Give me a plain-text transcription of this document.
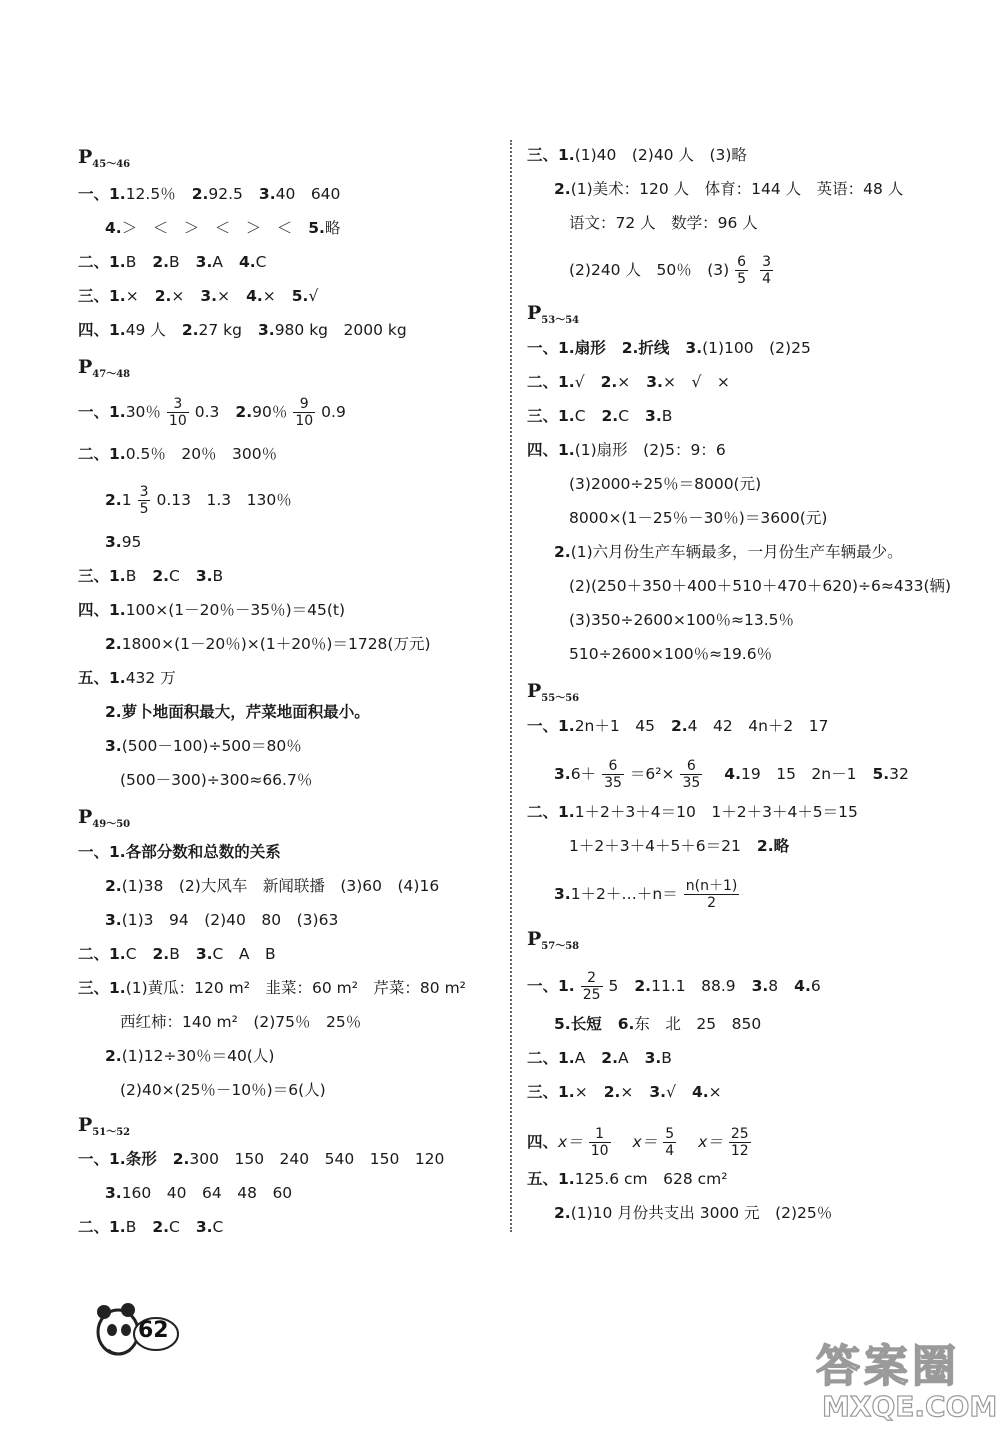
$P_{45\sim 46}$
一、1.12.5％ 2.92.5 3.40　640
4.＞　＜　＞　＜　＞　＜ 5.略
二、1.B 2.B 3.A 4.C
三、1.× 2.× 3.× 4.× 5.√
四、1.49 人 2.27 kg 3.980 kg　2000 kg
$P_{47\sim 48}$
一、1.30％ $\frac{3}{10} 0.3$ 2.90％ $\frac{9}{10} 0.9$
二、1.0.5％　20％　300％
$2.1 \frac{3}{5} 0.13$　1.3　130％
3.95
三、1.B 2.C 3.B
四、1.100×(1－20％－35％)＝45(t)
2.1800×(1－20％)×(1＋20％)＝1728(万元)
五、1.432 万
2.萝卜地面积最大，芹菜地面积最小。
3.(500－100)÷500＝80％
(500－300)÷300≈66.7％
$P_{49\sim 50}$
一、1.各部分数和总数的关系
2.(1)38　(2)大风车　新闻联播　(3)60　(4)16
3.(1)3　94　(2)40　80　(3)63
二、1.C 2.B 3.C　A　B
三、1.(1)黄瓜：120 m²　韭菜：60 m²　芹菜：80 m²
西红柿：140 m²　(2)75％　25％
2.(1)12÷30％＝40(人)
(2)40×(25％－10％)＝6(人)
$P_{51\sim 52}$
一、1.条形 2.300　150　240　540　150　120
3.160　40　64　48　60
二、1.B 2.C 3.C
三、1.(1)40　(2)40 人　(3)略
2.(1)美术：120 人　体育：144 人　英语：48 人
语文：72 人　数学：96 人
(2)240 人　50％　$(3) \frac{6}{5} \frac{3}{4}$
$P_{53\sim 54}$
一、1.扇形 2.折线 3.(1)100　(2)25
二、1.√ 2.× 3.×　√　×
三、1.C 2.C 3.B
四、1.(1)扇形　(2)5：9：6
(3)2000÷25％＝8000(元)
8000×(1－25％－30％)＝3600(元)
2.(1)六月份生产车辆最多，一月份生产车辆最少。
(2)(250＋350＋400＋510＋470＋620)÷6≈433(辆)
(3)350÷2600×100％≈13.5％
510÷2600×100％≈19.6％
$P_{55\sim 56}$
一、1.2n＋1　45 2.4　42　4n＋2　17
$3.6+ \frac{6}{35} =6^2\times \frac{6}{35} 4.19$　15　2n－1 5.32
二、1.1＋2＋3＋4＝10　1＋2＋3＋4＋5＝15
1＋2＋3＋4＋5＋6＝21 2.略
3.1＋2＋…＋n＝ $\frac{n(n+1)}{2}$
$P_{57\sim 58}$
一、1. $\frac{2}{25} 5$ 2.11.1　88.9 3.8 4.6
5.长短 6.东　北　25　850
二、1.A 2.A 3.B
三、1.× 2.× 3.√ 4.×
四、$x= \frac{1}{10} x= \frac{5}{4} x= \frac{25}{12}$
五、1.125.6 cm　628 cm²
2.(1)10 月份共支出 3000 元　(2)25％
62
答案圈
MXQE.COM
